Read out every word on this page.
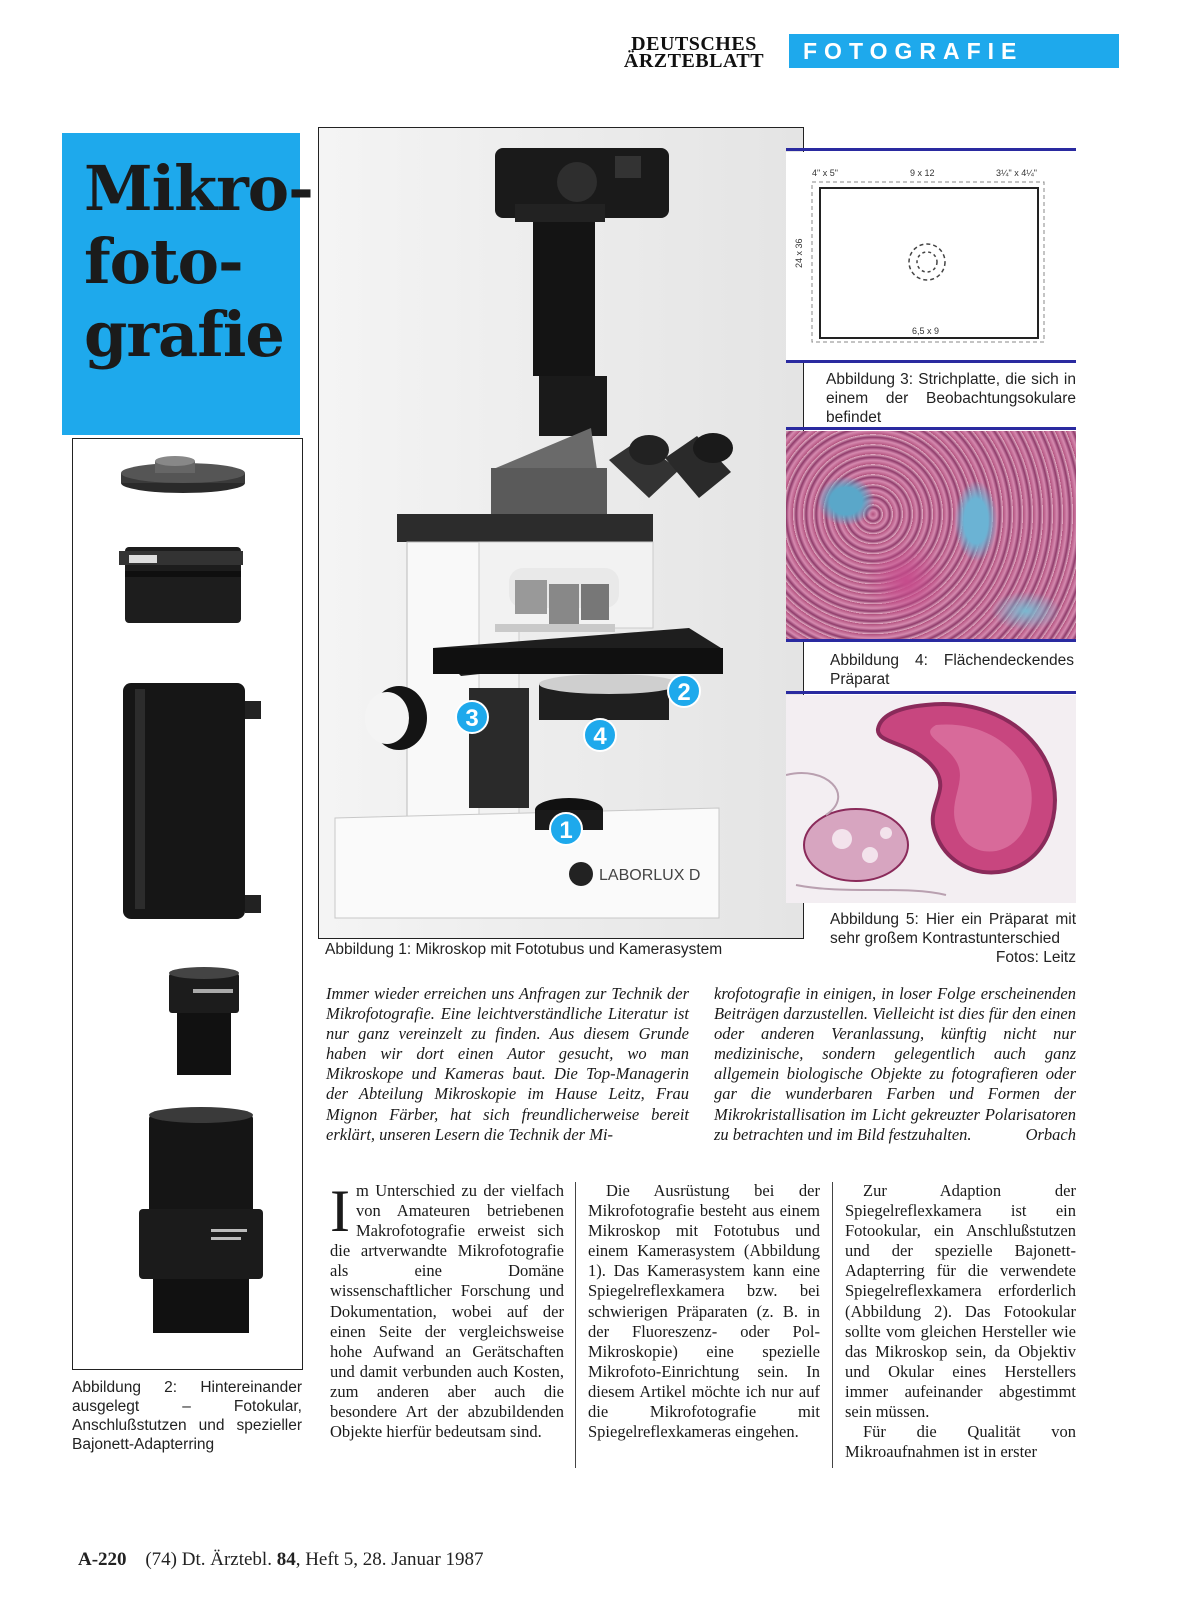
DEUTSCHES
ÄRZTEBLATT	FOTOGRAFIE
Mikro-
foto-
grafie
Abbildung 2: Hintereinander ausgelegt – Fotokular, Anschlußstutzen und spezieller Bajonett-Adapterring
LABORLUX D
1
2
3
4
Abbildung 1: Mikroskop mit Fototubus und Kamerasystem
4" x 5"	9 x 12	3¼" x 4¼"
24 x 36
6,5 x 9
Abbildung 3: Strichplatte, die sich in einem der Beobachtungsokulare befindet
Abbildung 4: Flächendeckendes Präparat
Abbildung 5: Hier ein Präparat mit sehr großem Kontrastunterschied
Fotos: Leitz
Immer wieder erreichen uns Anfragen zur Technik der Mikrofotografie. Eine leichtverständliche Literatur ist nur ganz vereinzelt zu finden. Aus diesem Grunde haben wir dort einen Autor gesucht, wo man Mikroskope und Kameras baut. Die Top-Managerin der Abteilung Mikroskopie im Hause Leitz, Frau Mignon Färber, hat sich freundlicherweise bereit erklärt, unseren Lesern die Technik der Mi-
krofotografie in einigen, in loser Folge erscheinenden Beiträgen darzustellen. Vielleicht ist dies für den einen oder anderen Veranlassung, künftig nicht nur medizinische, sondern gelegentlich auch ganz allgemein biologische Objekte zu fotografieren oder gar die wunderbaren Farben und Formen der Mikrokristallisation im Licht gekreuzter Polarisatoren zu betrachten und im Bild festzuhalten.	Orbach
Im Unterschied zu der vielfach von Amateuren betriebenen Makrofotografie erweist sich die artverwandte Mikrofotografie als eine Domäne wissenschaftlicher Forschung und Dokumentation, wobei auf der einen Seite der vergleichsweise hohe Aufwand an Gerätschaften und damit verbunden auch Kosten, zum anderen aber auch die besondere Art der abzubildenden Objekte hierfür bedeutsam sind.
Die Ausrüstung bei der Mikrofotografie besteht aus einem Mikroskop mit Fototubus und einem Kamerasystem (Abbildung 1). Das Kamerasystem kann eine Spiegelreflexkamera bzw. bei schwierigen Präparaten (z. B. in der Fluoreszenz- oder Pol-Mikroskopie) eine spezielle Mikrofoto-Einrichtung sein. In diesem Artikel möchte ich nur auf die Mikrofotografie mit Spiegelreflexkameras eingehen.
Zur Adaption der Spiegelreflexkamera ist ein Fotookular, ein Anschlußstutzen und der spezielle Bajonett-Adapterring für die verwendete Spiegelreflexkamera erforderlich (Abbildung 2). Das Fotookular sollte vom gleichen Hersteller wie das Mikroskop sein, da Objektiv und Okular eines Herstellers immer aufeinander abgestimmt sein müssen.
Für die Qualität von Mikroaufnahmen ist in erster
A-220 (74) Dt. Ärztebl. 84, Heft 5, 28. Januar 1987
